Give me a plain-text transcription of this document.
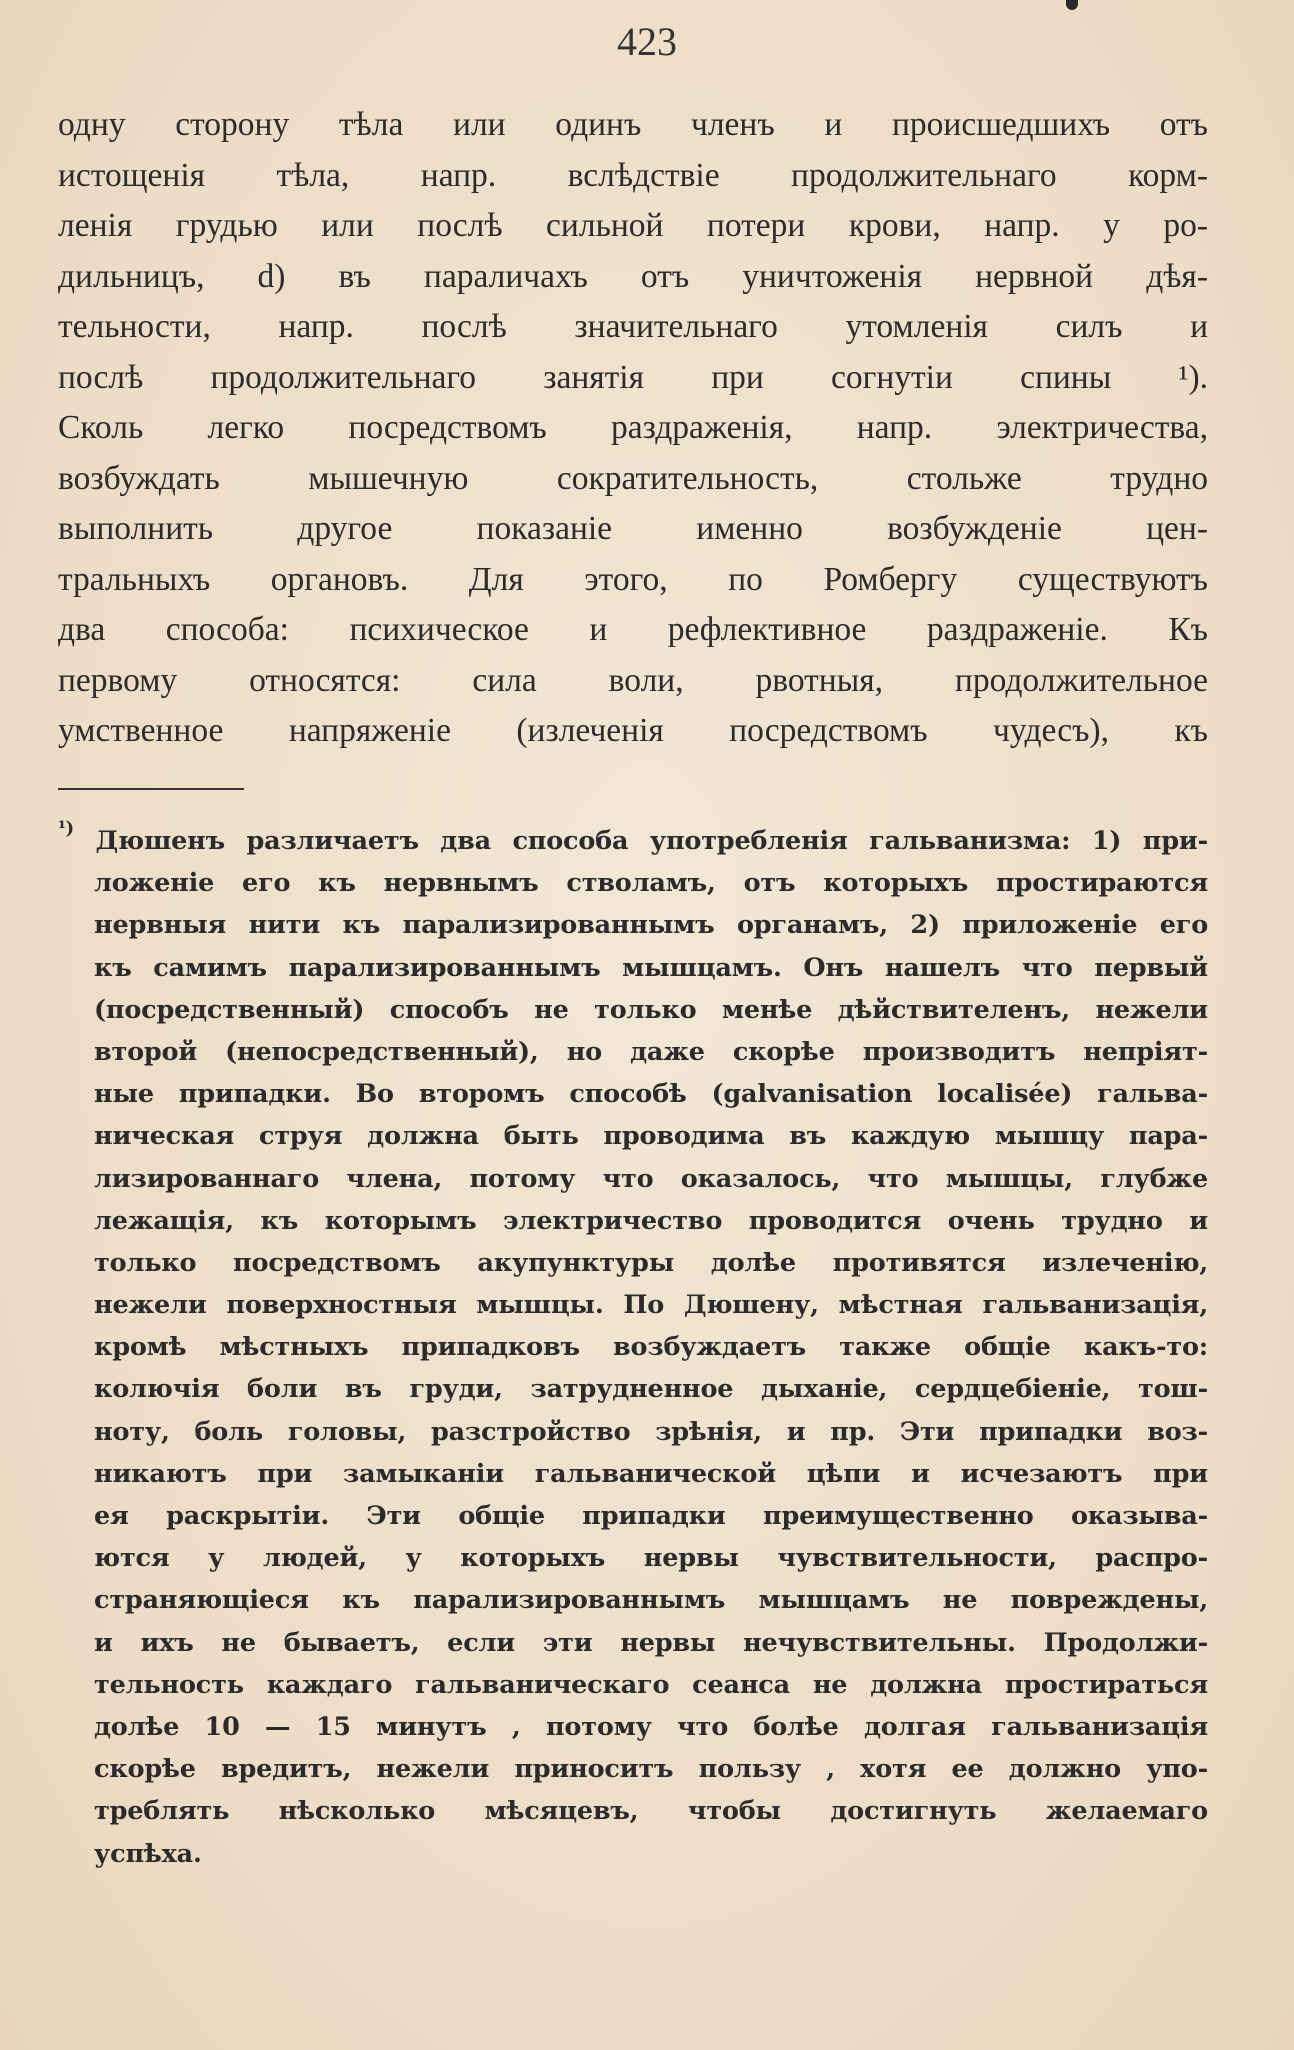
423
одну сторону тѣла или одинъ членъ и происшедшихъ отъ
истощенія тѣла, напр. вслѣдствіе продолжительнаго корм-
ленія грудью или послѣ сильной потери крови, напр. у ро-
дильницъ, d) въ параличахъ отъ уничтоженія нервной дѣя-
тельности, напр. послѣ значительнаго утомленія силъ и
послѣ продолжительнаго занятія при согнутіи спины ¹).
Сколь легко посредствомъ раздраженія, напр. электричества,
возбуждать мышечную сократительность, стольже трудно
выполнить другое показаніе именно возбужденіе цен-
тральныхъ органовъ. Для этого, по Ромбергу существуютъ
два способа: психическое и рефлективное раздраженіе. Къ
первому относятся: сила воли, рвотныя, продолжительное
умственное напряженіе (излеченія посредствомъ чудесъ), къ
$^{^1)}$ Дюшенъ различаетъ два способа употребленія гальванизма: 1) при-
ложеніе его къ нервнымъ стволамъ, отъ которыхъ простираются
нервныя нити къ парализированнымъ органамъ, 2) приложеніе его
къ самимъ парализированнымъ мышцамъ. Онъ нашелъ что первый
(посредственный) способъ не только менѣе дѣйствителенъ, нежели
второй (непосредственный), но даже скорѣе производитъ непріят-
ные припадки. Во второмъ способѣ (galvanisation localisée) гальва-
ническая струя должна быть проводима въ каждую мышцу пара-
лизированнаго члена, потому что оказалось, что мышцы, глубже
лежащія, къ которымъ электричество проводится очень трудно и
только посредствомъ акупунктуры долѣе противятся излеченію,
нежели поверхностныя мышцы. По Дюшену, мѣстная гальванизація,
кромѣ мѣстныхъ припадковъ возбуждаетъ также общіе какъ-то:
колючія боли въ груди, затрудненное дыханіе, сердцебіеніе, тош-
ноту, боль головы, разстройство зрѣнія, и пр. Эти припадки воз-
никаютъ при замыканіи гальванической цѣпи и исчезаютъ при
ея раскрытіи. Эти общіе припадки преимущественно оказыва-
ются у людей, у которыхъ нервы чувствительности, распро-
страняющіеся къ парализированнымъ мышцамъ не повреждены,
и ихъ не бываетъ, если эти нервы нечувствительны. Продолжи-
тельность каждаго гальваническаго сеанса не должна простираться
долѣе 10 — 15 минутъ , потому что болѣе долгая гальванизація
скорѣе вредитъ, нежели приноситъ пользу , хотя ее должно упо-
треблять нѣсколько мѣсяцевъ, чтобы достигнуть желаемаго
успѣха.
